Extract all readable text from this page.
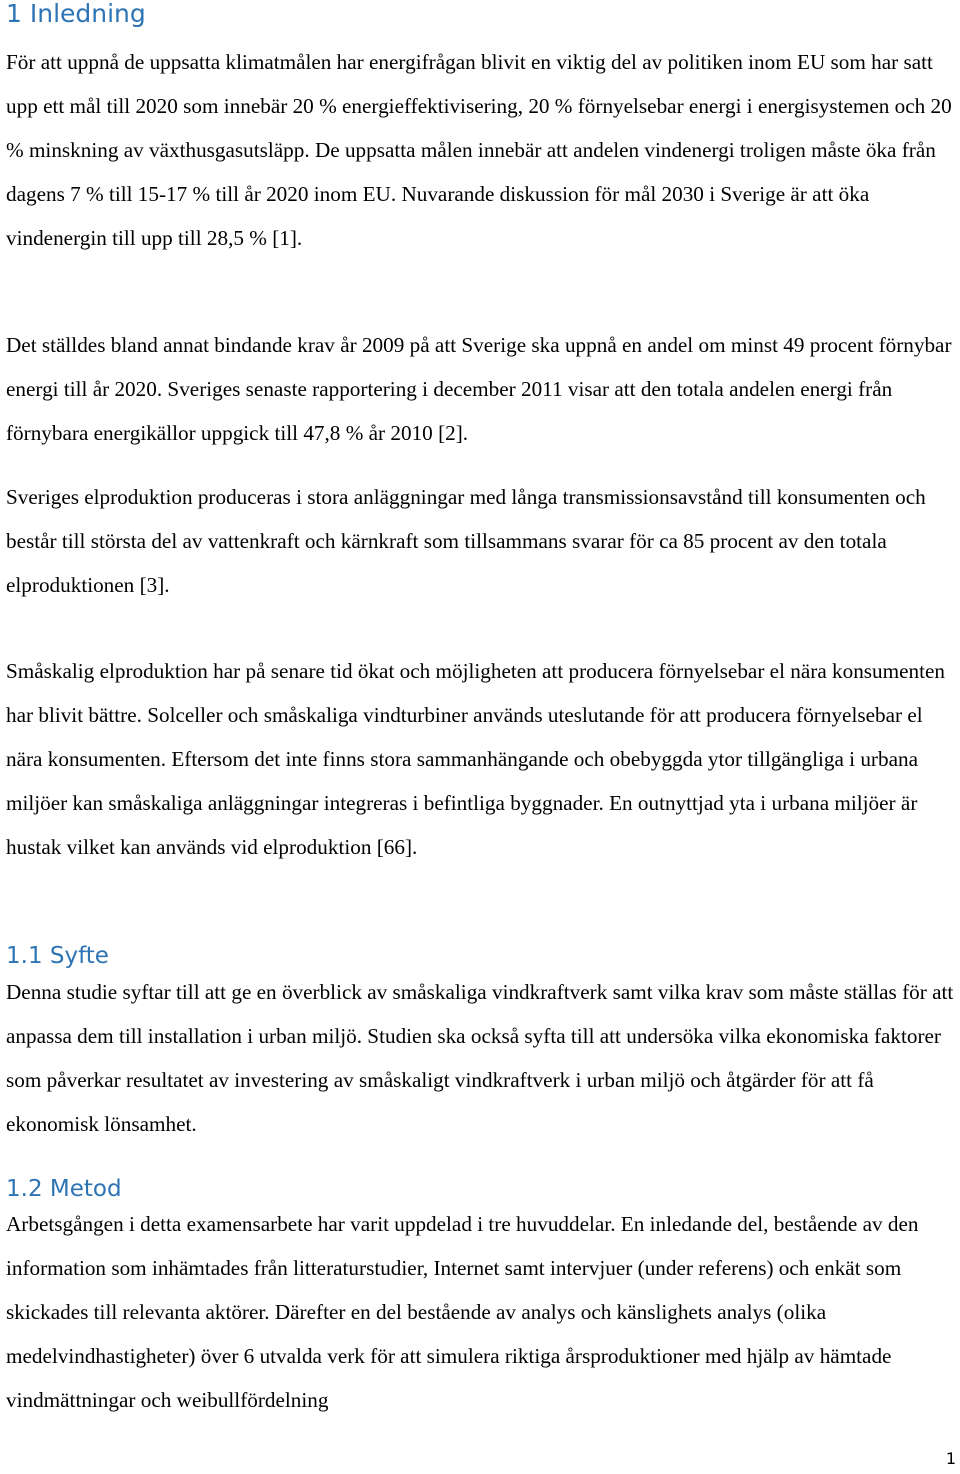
1 Inledning

För att uppnå de uppsatta klimatmålen har energifrågan blivit en viktig del av politiken inom EU som har satt upp ett mål till 2020 som innebär 20 % energieffektivisering, 20 % förnyelsebar energi i energisystemen och 20 % minskning av växthusgasutsläpp. De uppsatta målen innebär att andelen vindenergi troligen måste öka från dagens 7 % till 15-17 % till år 2020 inom EU. Nuvarande diskussion för mål 2030 i Sverige är att öka vindenergin till upp till 28,5 % [1].

Det ställdes bland annat bindande krav år 2009 på att Sverige ska uppnå en andel om minst 49 procent förnybar energi till år 2020. Sveriges senaste rapportering i december 2011 visar att den totala andelen energi från förnybara energikällor uppgick till 47,8 % år 2010 [2].

Sveriges elproduktion produceras i stora anläggningar med långa transmissionsavstånd till konsumenten och består till största del av vattenkraft och kärnkraft som tillsammans svarar för ca 85 procent av den totala elproduktionen [3].

Småskalig elproduktion har på senare tid ökat och möjligheten att producera förnyelsebar el nära konsumenten har blivit bättre. Solceller och småskaliga vindturbiner används uteslutande för att producera förnyelsebar el nära konsumenten. Eftersom det inte finns stora sammanhängande och obebyggda ytor tillgängliga i urbana miljöer kan småskaliga anläggningar integreras i befintliga byggnader. En outnyttjad yta i urbana miljöer är hustak vilket kan används vid elproduktion [66].

1.1 Syfte

Denna studie syftar till att ge en överblick av småskaliga vindkraftverk samt vilka krav som måste ställas för att anpassa dem till installation i urban miljö. Studien ska också syfta till att undersöka vilka ekonomiska faktorer som påverkar resultatet av investering av småskaligt vindkraftverk i urban miljö och åtgärder för att få ekonomisk lönsamhet.

1.2 Metod

Arbetsgången i detta examensarbete har varit uppdelad i tre huvuddelar. En inledande del, bestående av den information som inhämtades från litteraturstudier, Internet samt intervjuer (under referens) och enkät som skickades till relevanta aktörer. Därefter en del bestående av analys och känslighets analys (olika medelvindhastigheter) över 6 utvalda verk för att simulera riktiga årsproduktioner med hjälp av hämtade vindmättningar och weibullfördelning

1
